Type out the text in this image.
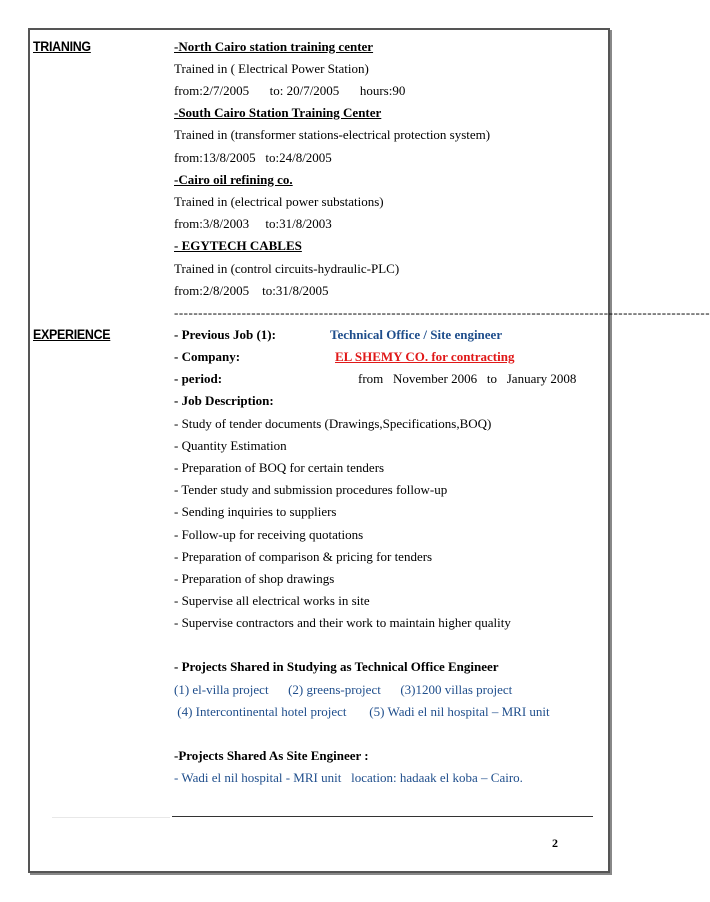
TRIANING	-North Cairo station training center
Trained in ( Electrical Power Station)
from:2/7/2005 to: 20/7/2005 hours:90
-South Cairo Station Training Center
Trained in (transformer stations-electrical protection system)
from:13/8/2005   to:24/8/2005
-Cairo oil refining co.
Trained in (electrical power substations)
from:3/8/2003     to:31/8/2003
- EGYTECH CABLES
Trained in (control circuits-hydraulic-PLC)
from:2/8/2005    to:31/8/2005
---------------------------------------------------------------------------------------------------------------
EXPERIENCE	- Previous Job (1):	Technical Office / Site engineer
- Company:	EL SHEMY CO. for contracting
- period:	from   November 2006   to   January 2008
- Job Description:
- Study of tender documents (Drawings,Specifications,BOQ)
- Quantity Estimation
- Preparation of BOQ for certain tenders
- Tender study and submission procedures follow-up
- Sending inquiries to suppliers
- Follow-up for receiving quotations
- Preparation of comparison & pricing for tenders
- Preparation of shop drawings
- Supervise all electrical works in site
- Supervise contractors and their work to maintain higher quality
- Projects Shared in Studying as Technical Office Engineer
(1) el-villa project      (2) greens-project      (3)1200 villas project
(4) Intercontinental hotel project       (5) Wadi el nil hospital – MRI unit
-Projects Shared As Site Engineer :
- Wadi el nil hospital - MRI unit   location: hadaak el koba – Cairo.
2
